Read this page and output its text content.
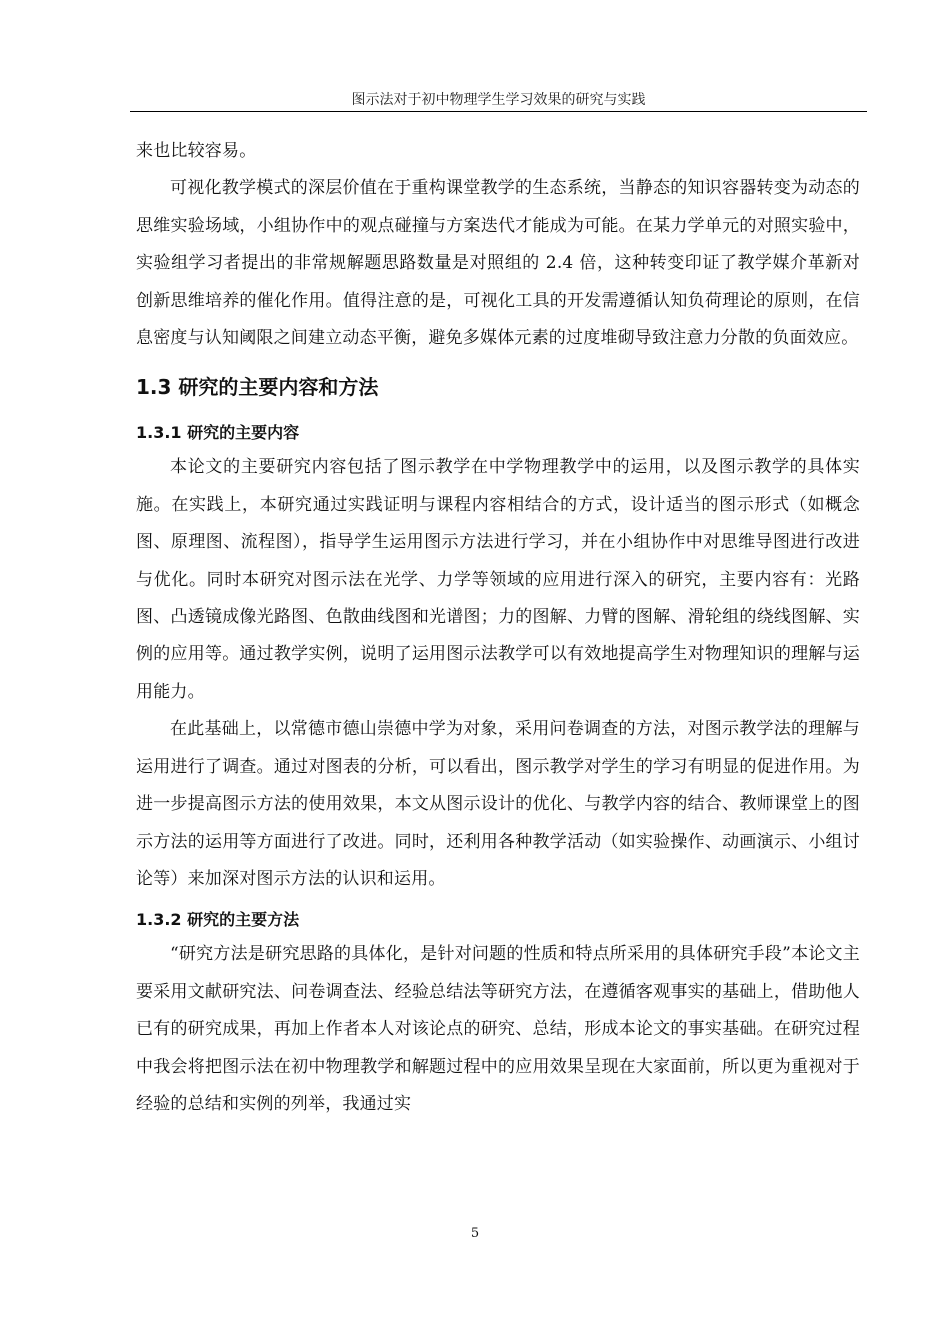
图示法对于初中物理学生学习效果的研究与实践

来也比较容易。

可视化教学模式的深层价值在于重构课堂教学的生态系统，当静态的知识容器转变为动态的思维实验场域，小组协作中的观点碰撞与方案迭代才能成为可能。在某力学单元的对照实验中，实验组学习者提出的非常规解题思路数量是对照组的 2.4 倍，这种转变印证了教学媒介革新对创新思维培养的催化作用。值得注意的是，可视化工具的开发需遵循认知负荷理论的原则，在信息密度与认知阈限之间建立动态平衡，避免多媒体元素的过度堆砌导致注意力分散的负面效应。

1.3 研究的主要内容和方法
1.3.1 研究的主要内容

本论文的主要研究内容包括了图示教学在中学物理教学中的运用，以及图示教学的具体实施。在实践上，本研究通过实践证明与课程内容相结合的方式，设计适当的图示形式（如概念图、原理图、流程图），指导学生运用图示方法进行学习，并在小组协作中对思维导图进行改进与优化。同时本研究对图示法在光学、力学等领域的应用进行深入的研究，主要内容有：光路图、凸透镜成像光路图、色散曲线图和光谱图；力的图解、力臂的图解、滑轮组的绕线图解、实例的应用等。通过教学实例，说明了运用图示法教学可以有效地提高学生对物理知识的理解与运用能力。

在此基础上，以常德市德山崇德中学为对象，采用问卷调查的方法，对图示教学法的理解与运用进行了调查。通过对图表的分析，可以看出，图示教学对学生的学习有明显的促进作用。为进一步提高图示方法的使用效果，本文从图示设计的优化、与教学内容的结合、教师课堂上的图示方法的运用等方面进行了改进。同时，还利用各种教学活动（如实验操作、动画演示、小组讨论等）来加深对图示方法的认识和运用。

1.3.2 研究的主要方法

“研究方法是研究思路的具体化，是针对问题的性质和特点所采用的具体研究手段”本论文主要采用文献研究法、问卷调查法、经验总结法等研究方法，在遵循客观事实的基础上，借助他人已有的研究成果，再加上作者本人对该论点的研究、总结，形成本论文的事实基础。在研究过程中我会将把图示法在初中物理教学和解题过程中的应用效果呈现在大家面前，所以更为重视对于经验的总结和实例的列举，我通过实

5
